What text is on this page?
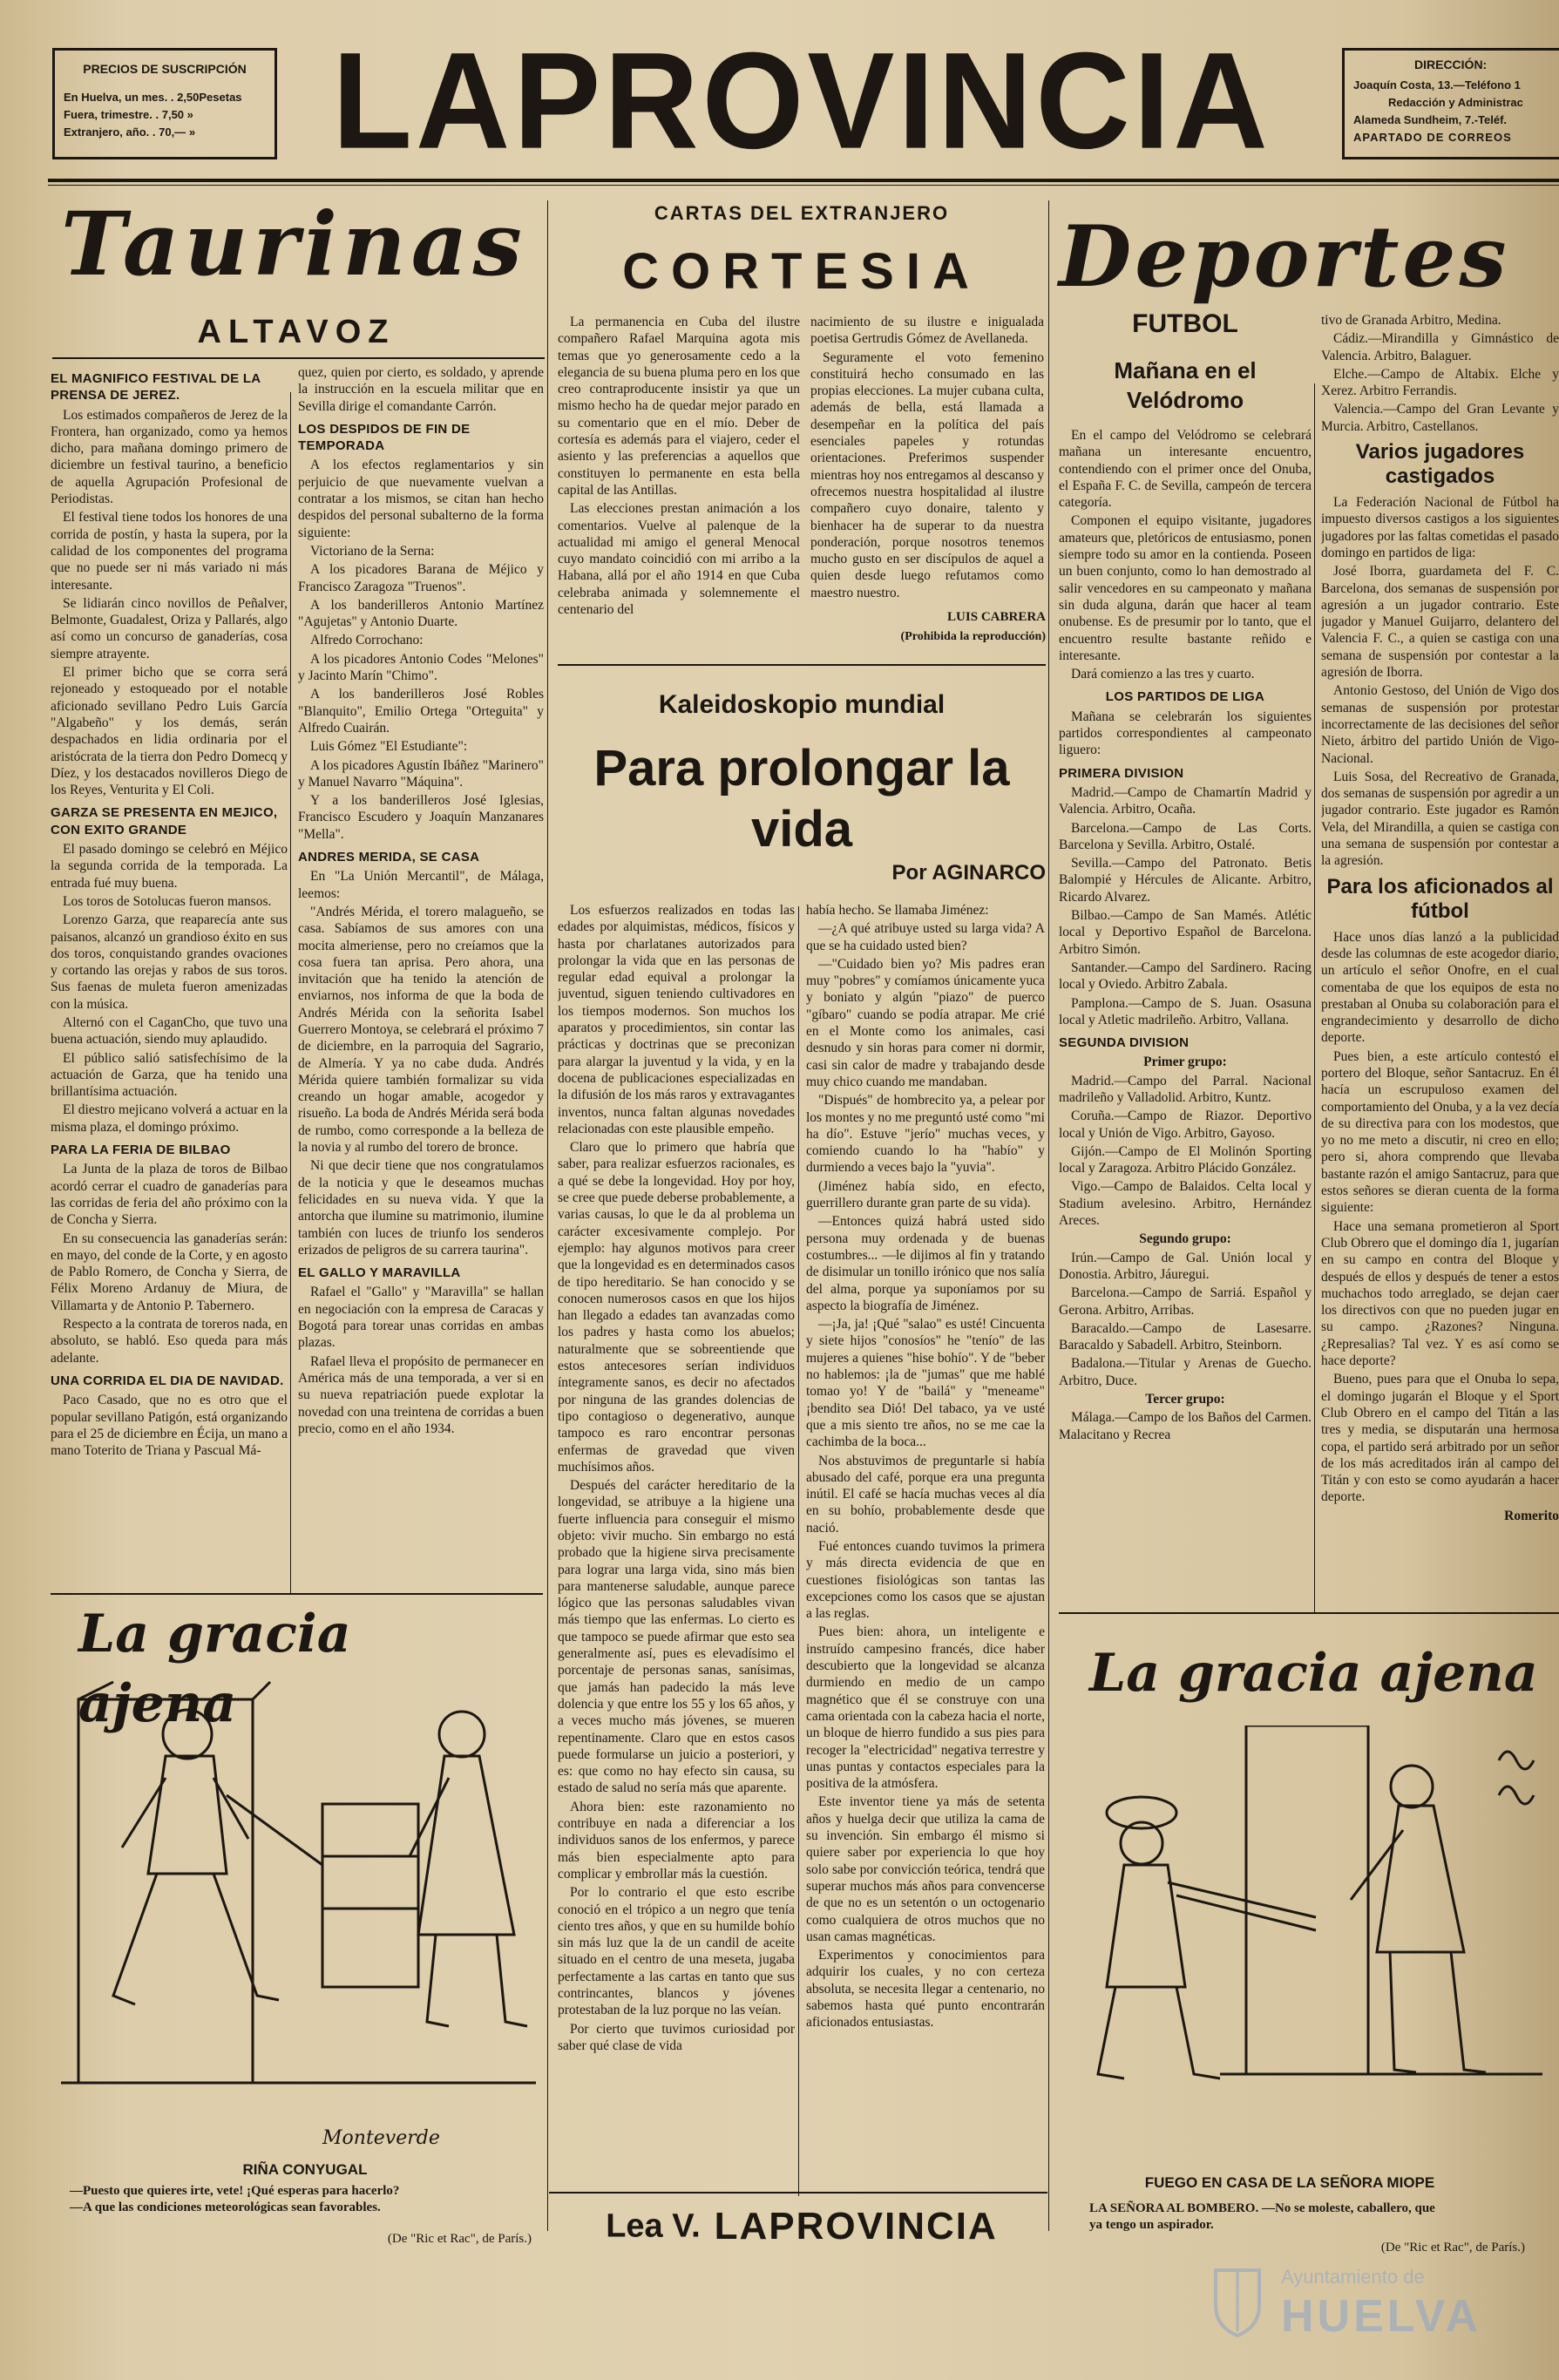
PRECIOS DE SUSCRIPCIÓN
En Huelva, un mes. . 2,50Pesetas
Fuera, trimestre. . 7,50 »
Extranjero, año. . 70,— »	LAPROVINCIA	DIRECCIÓN:
Joaquín Costa, 13.—Teléfono 1
Redacción y Administrac
Alameda Sundheim, 7.-Teléf.
APARTADO DE CORREOS
Taurinas
ALTAVOZ
EL MAGNIFICO FESTIVAL DE LA PRENSA DE JEREZ.

Los estimados compañeros de Jerez de la Frontera, han organizado, como ya hemos dicho, para mañana domingo primero de diciembre un festival taurino, a beneficio de aquella Agrupación Profesional de Periodistas.

El festival tiene todos los honores de una corrida de postín, y hasta la supera, por la calidad de los componentes del programa que no puede ser ni más variado ni más interesante.

Se lidiarán cinco novillos de Peñalver, Belmonte, Guadalest, Oriza y Pallarés, algo así como un concurso de ganaderías, cosa siempre atrayente.

El primer bicho que se corra será rejoneado y estoqueado por el notable aficionado sevillano Pedro Luis García "Algabeño" y los demás, serán despachados en lidia ordinaria por el aristócrata de la tierra don Pedro Domecq y Díez, y los destacados novilleros Diego de los Reyes, Venturita y El Coli.

GARZA SE PRESENTA EN MEJICO, CON EXITO GRANDE

El pasado domingo se celebró en Méjico la segunda corrida de la temporada. La entrada fué muy buena.

Los toros de Sotolucas fueron mansos.

Lorenzo Garza, que reaparecía ante sus paisanos, alcanzó un grandioso éxito en sus dos toros, conquistando grandes ovaciones y cortando las orejas y rabos de sus toros. Sus faenas de muleta fueron amenizadas con la música.

Alternó con el CaganCho, que tuvo una buena actuación, siendo muy aplaudido.

El público salió satisfechísimo de la actuación de Garza, que ha tenido una brillantísima actuación.

El diestro mejicano volverá a actuar en la misma plaza, el domingo próximo.

PARA LA FERIA DE BILBAO

La Junta de la plaza de toros de Bilbao acordó cerrar el cuadro de ganaderías para las corridas de feria del año próximo con la de Concha y Sierra.

En su consecuencia las ganaderías serán: en mayo, del conde de la Corte, y en agosto de Pablo Romero, de Concha y Sierra, de Félix Moreno Ardanuy de Miura, de Villamarta y de Antonio P. Tabernero.

Respecto a la contrata de toreros nada, en absoluto, se habló. Eso queda para más adelante.

UNA CORRIDA EL DIA DE NAVIDAD.

Paco Casado, que no es otro que el popular sevillano Patigón, está organizando para el 25 de diciembre en Écija, un mano a mano Toterito de Triana y Pascual Má-

quez, quien por cierto, es soldado, y aprende la instrucción en la escuela militar que en Sevilla dirige el comandante Carrón.

LOS DESPIDOS DE FIN DE TEMPORADA

A los efectos reglamentarios y sin perjuicio de que nuevamente vuelvan a contratar a los mismos, se citan han hecho despidos del personal subalterno de la forma siguiente:

Victoriano de la Serna:

A los picadores Barana de Méjico y Francisco Zaragoza "Truenos".

A los banderilleros Antonio Martínez "Agujetas" y Antonio Duarte.

Alfredo Corrochano:

A los picadores Antonio Codes "Melones" y Jacinto Marín "Chimo".

A los banderilleros José Robles "Blanquito", Emilio Ortega "Orteguita" y Alfredo Cuairán.

Luis Gómez "El Estudiante":

A los picadores Agustín Ibáñez "Marinero" y Manuel Navarro "Máquina".

Y a los banderilleros José Iglesias, Francisco Escudero y Joaquín Manzanares "Mella".

ANDRES MERIDA, SE CASA

En "La Unión Mercantil", de Málaga, leemos:

"Andrés Mérida, el torero malagueño, se casa. Sabíamos de sus amores con una mocita almeriense, pero no creíamos que la cosa fuera tan aprisa. Pero ahora, una invitación que ha tenido la atención de enviarnos, nos informa de que la boda de Andrés Mérida con la señorita Isabel Guerrero Montoya, se celebrará el próximo 7 de diciembre, en la parroquia del Sagrario, de Almería. Y ya no cabe duda. Andrés Mérida quiere también formalizar su vida creando un hogar amable, acogedor y risueño. La boda de Andrés Mérida será boda de rumbo, como corresponde a la belleza de la novia y al rumbo del torero de bronce.

Ni que decir tiene que nos congratulamos de la noticia y que le deseamos muchas felicidades en su nueva vida. Y que la antorcha que ilumine su matrimonio, ilumine también con luces de triunfo los senderos erizados de peligros de su carrera taurina".

EL GALLO Y MARAVILLA

Rafael el "Gallo" y "Maravilla" se hallan en negociación con la empresa de Caracas y Bogotá para torear unas corridas en ambas plazas.

Rafael lleva el propósito de permanecer en América más de una temporada, a ver si en su nueva repatriación puede explotar la novedad con una treintena de corridas a buen precio, como en el año 1934.

CARTAS DEL EXTRANJERO
CORTESIA

La permanencia en Cuba del ilustre compañero Rafael Marquina agota mis temas que yo generosamente cedo a la elegancia de su buena pluma pero en los que creo contraproducente insistir ya que un mismo hecho ha de quedar mejor parado en su comentario que en el mío. Deber de cortesía es además para el viajero, ceder el asiento y las preferencias a aquellos que constituyen lo permanente en esta bella capital de las Antillas.

Las elecciones prestan animación a los comentarios. Vuelve al palenque de la actualidad mi amigo el general Menocal cuyo mandato coincidió con mi arribo a la Habana, allá por el año 1914 en que Cuba celebraba animada y solemnemente el centenario del

nacimiento de su ilustre e inigualada poetisa Gertrudis Gómez de Avellaneda.

Seguramente el voto femenino constituirá hecho consumado en las propias elecciones. La mujer cubana culta, además de bella, está llamada a desempeñar en la política del país esenciales papeles y rotundas orientaciones. Preferimos suspender mientras hoy nos entregamos al descanso y ofrecemos nuestra hospitalidad al ilustre compañero cuyo donaire, talento y bienhacer ha de superar to da nuestra ponderación, porque nosotros tenemos mucho gusto en ser discípulos de aquel a quien desde luego refutamos como maestro nuestro.

LUIS CABRERA
(Prohibida la reproducción)
Kaleidoskopio mundial
Para prolongar la
vida
Por AGINARCO

Los esfuerzos realizados en todas las edades por alquimistas, médicos, físicos y hasta por charlatanes autorizados para prolongar la vida que en las personas de regular edad equival a prolongar la juventud, siguen teniendo cultivadores en los tiempos modernos. Son muchos los aparatos y procedimientos, sin contar las prácticas y doctrinas que se preconizan para alargar la juventud y la vida, y en la docena de publicaciones especializadas en la difusión de los más raros y extravagantes inventos, nunca faltan algunas novedades relacionadas con este plausible empeño.

Claro que lo primero que habría que saber, para realizar esfuerzos racionales, es a qué se debe la longevidad. Hoy por hoy, se cree que puede deberse probablemente, a varias causas, lo que le da al problema un carácter excesivamente complejo. Por ejemplo: hay algunos motivos para creer que la longevidad es en determinados casos de tipo hereditario. Se han conocido y se conocen numerosos casos en que los hijos han llegado a edades tan avanzadas como los padres y hasta como los abuelos; naturalmente que se sobreentiende que estos antecesores serían individuos íntegramente sanos, es decir no afectados por ninguna de las grandes dolencias de tipo contagioso o degenerativo, aunque tampoco es raro encontrar personas enfermas de gravedad que viven muchísimos años.

Después del carácter hereditario de la longevidad, se atribuye a la higiene una fuerte influencia para conseguir el mismo objeto: vivir mucho. Sin embargo no está probado que la higiene sirva precisamente para lograr una larga vida, sino más bien para mantenerse saludable, aunque parece lógico que las personas saludables vivan más tiempo que las enfermas. Lo cierto es que tampoco se puede afirmar que esto sea generalmente así, pues es elevadísimo el porcentaje de personas sanas, sanísimas, que jamás han padecido la más leve dolencia y que entre los 55 y los 65 años, y a veces mucho más jóvenes, se mueren repentinamente. Claro que en estos casos puede formularse un juicio a posteriori, y es: que como no hay efecto sin causa, su estado de salud no sería más que aparente.

Ahora bien: este razonamiento no contribuye en nada a diferenciar a los individuos sanos de los enfermos, y parece más bien especialmente apto para complicar y embrollar más la cuestión.

Por lo contrario el que esto escribe conoció en el trópico a un negro que tenía ciento tres años, y que en su humilde bohío sin más luz que la de un candil de aceite situado en el centro de una meseta, jugaba perfectamente a las cartas en tanto que sus contrincantes, blancos y jóvenes protestaban de la luz porque no las veían.

Por cierto que tuvimos curiosidad por saber qué clase de vida

había hecho. Se llamaba Jiménez:

—¿A qué atribuye usted su larga vida? A que se ha cuidado usted bien?

—"Cuidado bien yo? Mis padres eran muy "pobres" y comíamos únicamente yuca y boniato y algún "piazo" de puerco "gíbaro" cuando se podía atrapar. Me crié en el Monte como los animales, casi desnudo y sin horas para comer ni dormir, casi sin calor de madre y trabajando desde muy chico cuando me mandaban.

"Dispués" de hombrecito ya, a pelear por los montes y no me preguntó usté como "mi ha dío". Estuve "jerío" muchas veces, y comiendo cuando lo ha "habío" y durmiendo a veces bajo la "yuvia".

(Jiménez había sido, en efecto, guerrillero durante gran parte de su vida).

—Entonces quizá habrá usted sido persona muy ordenada y de buenas costumbres... —le dijimos al fin y tratando de disimular un tonillo irónico que nos salía del alma, porque ya suponíamos por su aspecto la biografía de Jiménez.

—¡Ja, ja! ¡Qué "salao" es usté! Cincuenta y siete hijos "conosíos" he "tenío" de las mujeres a quienes "hise bohío". Y de "beber no hablemos: ¡la de "jumas" que me hablé tomao yo! Y de "bailá" y "meneame" ¡bendito sea Dió! Del tabaco, ya ve usté que a mis siento tre años, no se me cae la cachimba de la boca...

Nos abstuvimos de preguntarle si había abusado del café, porque era una pregunta inútil. El café se hacía muchas veces al día en su bohío, probablemente desde que nació.

Fué entonces cuando tuvimos la primera y más directa evidencia de que en cuestiones fisiológicas son tantas las excepciones como los casos que se ajustan a las reglas.

Pues bien: ahora, un inteligente e instruído campesino francés, dice haber descubierto que la longevidad se alcanza durmiendo en medio de un campo magnético que él se construye con una cama orientada con la cabeza hacia el norte, un bloque de hierro fundido a sus pies para recoger la "electricidad" negativa terrestre y unas puntas y contactos especiales para la positiva de la atmósfera.

Este inventor tiene ya más de setenta años y huelga decir que utiliza la cama de su invención. Sin embargo él mismo si quiere saber por experiencia lo que hoy solo sabe por convicción teórica, tendrá que superar muchos más años para convencerse de que no es un setentón o un octogenario como cualquiera de otros muchos que no usan camas magnéticas.

Experimentos y conocimientos para adquirir los cuales, y no con certeza absoluta, se necesita llegar a centenario, no sabemos hasta qué punto encontrarán aficionados entusiastas.

Lea V. LAPROVINCIA
Deportes
FUTBOL
Mañana en el Velódromo

En el campo del Velódromo se celebrará mañana un interesante encuentro, contendiendo con el primer once del Onuba, el España F. C. de Sevilla, campeón de tercera categoría.

Componen el equipo visitante, jugadores amateurs que, pletóricos de entusiasmo, ponen siempre todo su amor en la contienda. Poseen un buen conjunto, como lo han demostrado al salir vencedores en su campeonato y mañana sin duda alguna, darán que hacer al team onubense. Es de presumir por lo tanto, que el encuentro resulte bastante reñido e interesante.

Dará comienzo a las tres y cuarto.

LOS PARTIDOS DE LIGA

Mañana se celebrarán los siguientes partidos correspondientes al campeonato liguero:

PRIMERA DIVISION

Madrid.—Campo de Chamartín Madrid y Valencia. Arbitro, Ocaña.

Barcelona.—Campo de Las Corts. Barcelona y Sevilla. Arbitro, Ostalé.

Sevilla.—Campo del Patronato. Betis Balompié y Hércules de Alicante. Arbitro, Ricardo Alvarez.

Bilbao.—Campo de San Mamés. Atlétic local y Deportivo Español de Barcelona. Arbitro Simón.

Santander.—Campo del Sardinero. Racing local y Oviedo. Arbitro Zabala.

Pamplona.—Campo de S. Juan. Osasuna local y Atletic madrileño. Arbitro, Vallana.

SEGUNDA DIVISION

Primer grupo:

Madrid.—Campo del Parral. Nacional madrileño y Valladolid. Arbitro, Kuntz.

Coruña.—Campo de Riazor. Deportivo local y Unión de Vigo. Arbitro, Gayoso.

Gijón.—Campo de El Molinón Sporting local y Zaragoza. Arbitro Plácido González.

Vigo.—Campo de Balaidos. Celta local y Stadium avelesino. Arbitro, Hernández Areces.

Segundo grupo:

Irún.—Campo de Gal. Unión local y Donostia. Arbitro, Jáuregui.

Barcelona.—Campo de Sarriá. Español y Gerona. Arbitro, Arribas.

Baracaldo.—Campo de Lasesarre. Baracaldo y Sabadell. Arbitro, Steinborn.

Badalona.—Titular y Arenas de Guecho. Arbitro, Duce.

Tercer grupo:

Málaga.—Campo de los Baños del Carmen. Malacitano y Recrea

tivo de Granada Arbitro, Medina.

Cádiz.—Mirandilla y Gimnástico de Valencia. Arbitro, Balaguer.

Elche.—Campo de Altabix. Elche y Xerez. Arbitro Ferrandis.

Valencia.—Campo del Gran Levante y Murcia. Arbitro, Castellanos.

Varios jugadores castigados

La Federación Nacional de Fútbol ha impuesto diversos castigos a los siguientes jugadores por las faltas cometidas el pasado domingo en partidos de liga:

José Iborra, guardameta del F. C. Barcelona, dos semanas de suspensión por agresión a un jugador contrario. Este jugador y Manuel Guijarro, delantero del Valencia F. C., a quien se castiga con una semana de suspensión por contestar a la agresión de Iborra.

Antonio Gestoso, del Unión de Vigo dos semanas de suspensión por protestar incorrectamente de las decisiones del señor Nieto, árbitro del partido Unión de Vigo-Nacional.

Luis Sosa, del Recreativo de Granada, dos semanas de suspensión por agredir a un jugador contrario. Este jugador es Ramón Vela, del Mirandilla, a quien se castiga con una semana de suspensión por contestar a la agresión.

Para los aficionados al fútbol

Hace unos días lanzó a la publicidad desde las columnas de este acogedor diario, un artículo el señor Onofre, en el cual comentaba de que los equipos de esta no prestaban al Onuba su colaboración para el engrandecimiento y desarrollo de dicho deporte.

Pues bien, a este artículo contestó el portero del Bloque, señor Santacruz. En él hacía un escrupuloso examen del comportamiento del Onuba, y a la vez decía de su directiva para con los modestos, que yo no me meto a discutir, ni creo en ello; pero si, ahora comprendo que llevaba bastante razón el amigo Santacruz, para que estos señores se dieran cuenta de la forma siguiente:

Hace una semana prometieron al Sport Club Obrero que el domingo día 1, jugarían en su campo en contra del Bloque y después de ellos y después de tener a estos muchachos todo arreglado, se dejan caer los directivos con que no pueden jugar en su campo. ¿Razones? Ninguna. ¿Represalias? Tal vez. Y es así como se hace deporte?

Bueno, pues para que el Onuba lo sepa, el domingo jugarán el Bloque y el Sport Club Obrero en el campo del Titán a las tres y media, se disputarán una hermosa copa, el partido será arbitrado por un señor de los más acreditados irán al campo del Titán y con esto se como ayudarán a hacer deporte.

Romerito

La gracia ajena
Monteverde
RIÑA CONYUGAL
—Puesto que quieres irte, vete! ¡Qué esperas para hacerlo?
—A que las condiciones meteorológicas sean favorables.
(De "Ric et Rac", de París.)
La gracia ajena
FUEGO EN CASA DE LA SEÑORA MIOPE
LA SEÑORA AL BOMBERO. —No se moleste, caballero, que
ya tengo un aspirador.
(De "Ric et Rac", de París.)
Ayuntamiento de
HUELVA
